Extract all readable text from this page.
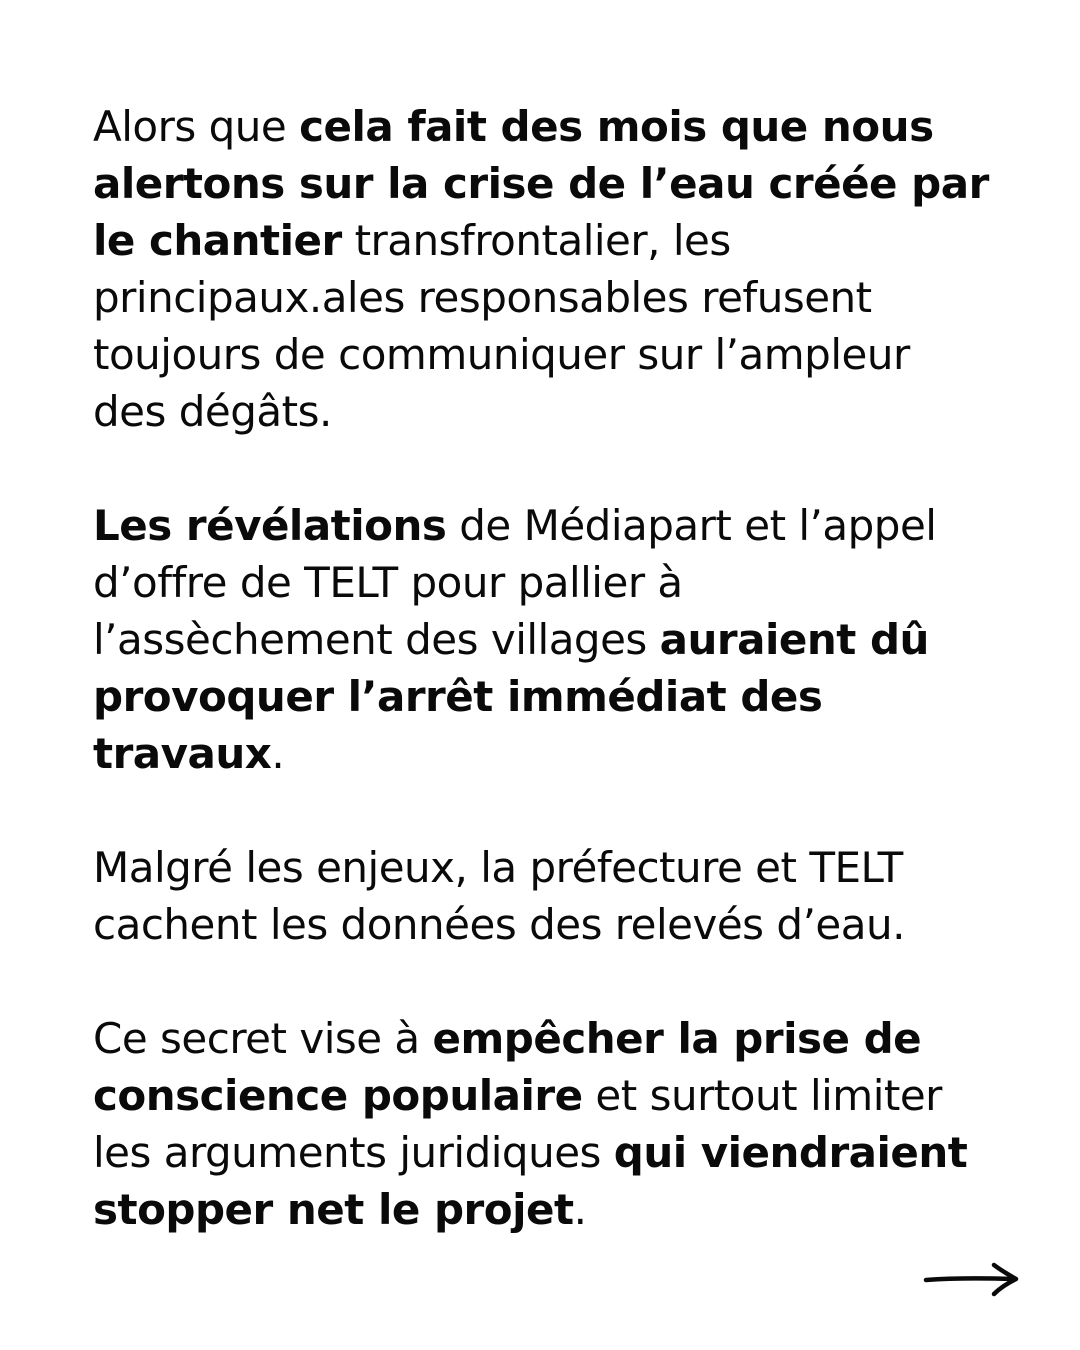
Alors que cela fait des mois que nous alertons sur la crise de l’eau créée par le chantier transfrontalier, les principaux.ales responsables refusent toujours de communiquer sur l’ampleur des dégâts.

Les révélations de Médiapart et l’appel d’offre de TELT pour pallier à l’assèchement des villages auraient dû provoquer l’arrêt immédiat des travaux.

Malgré les enjeux, la préfecture et TELT cachent les données des relevés d’eau.

Ce secret vise à empêcher la prise de conscience populaire et surtout limiter les arguments juridiques qui viendraient stopper net le projet.
